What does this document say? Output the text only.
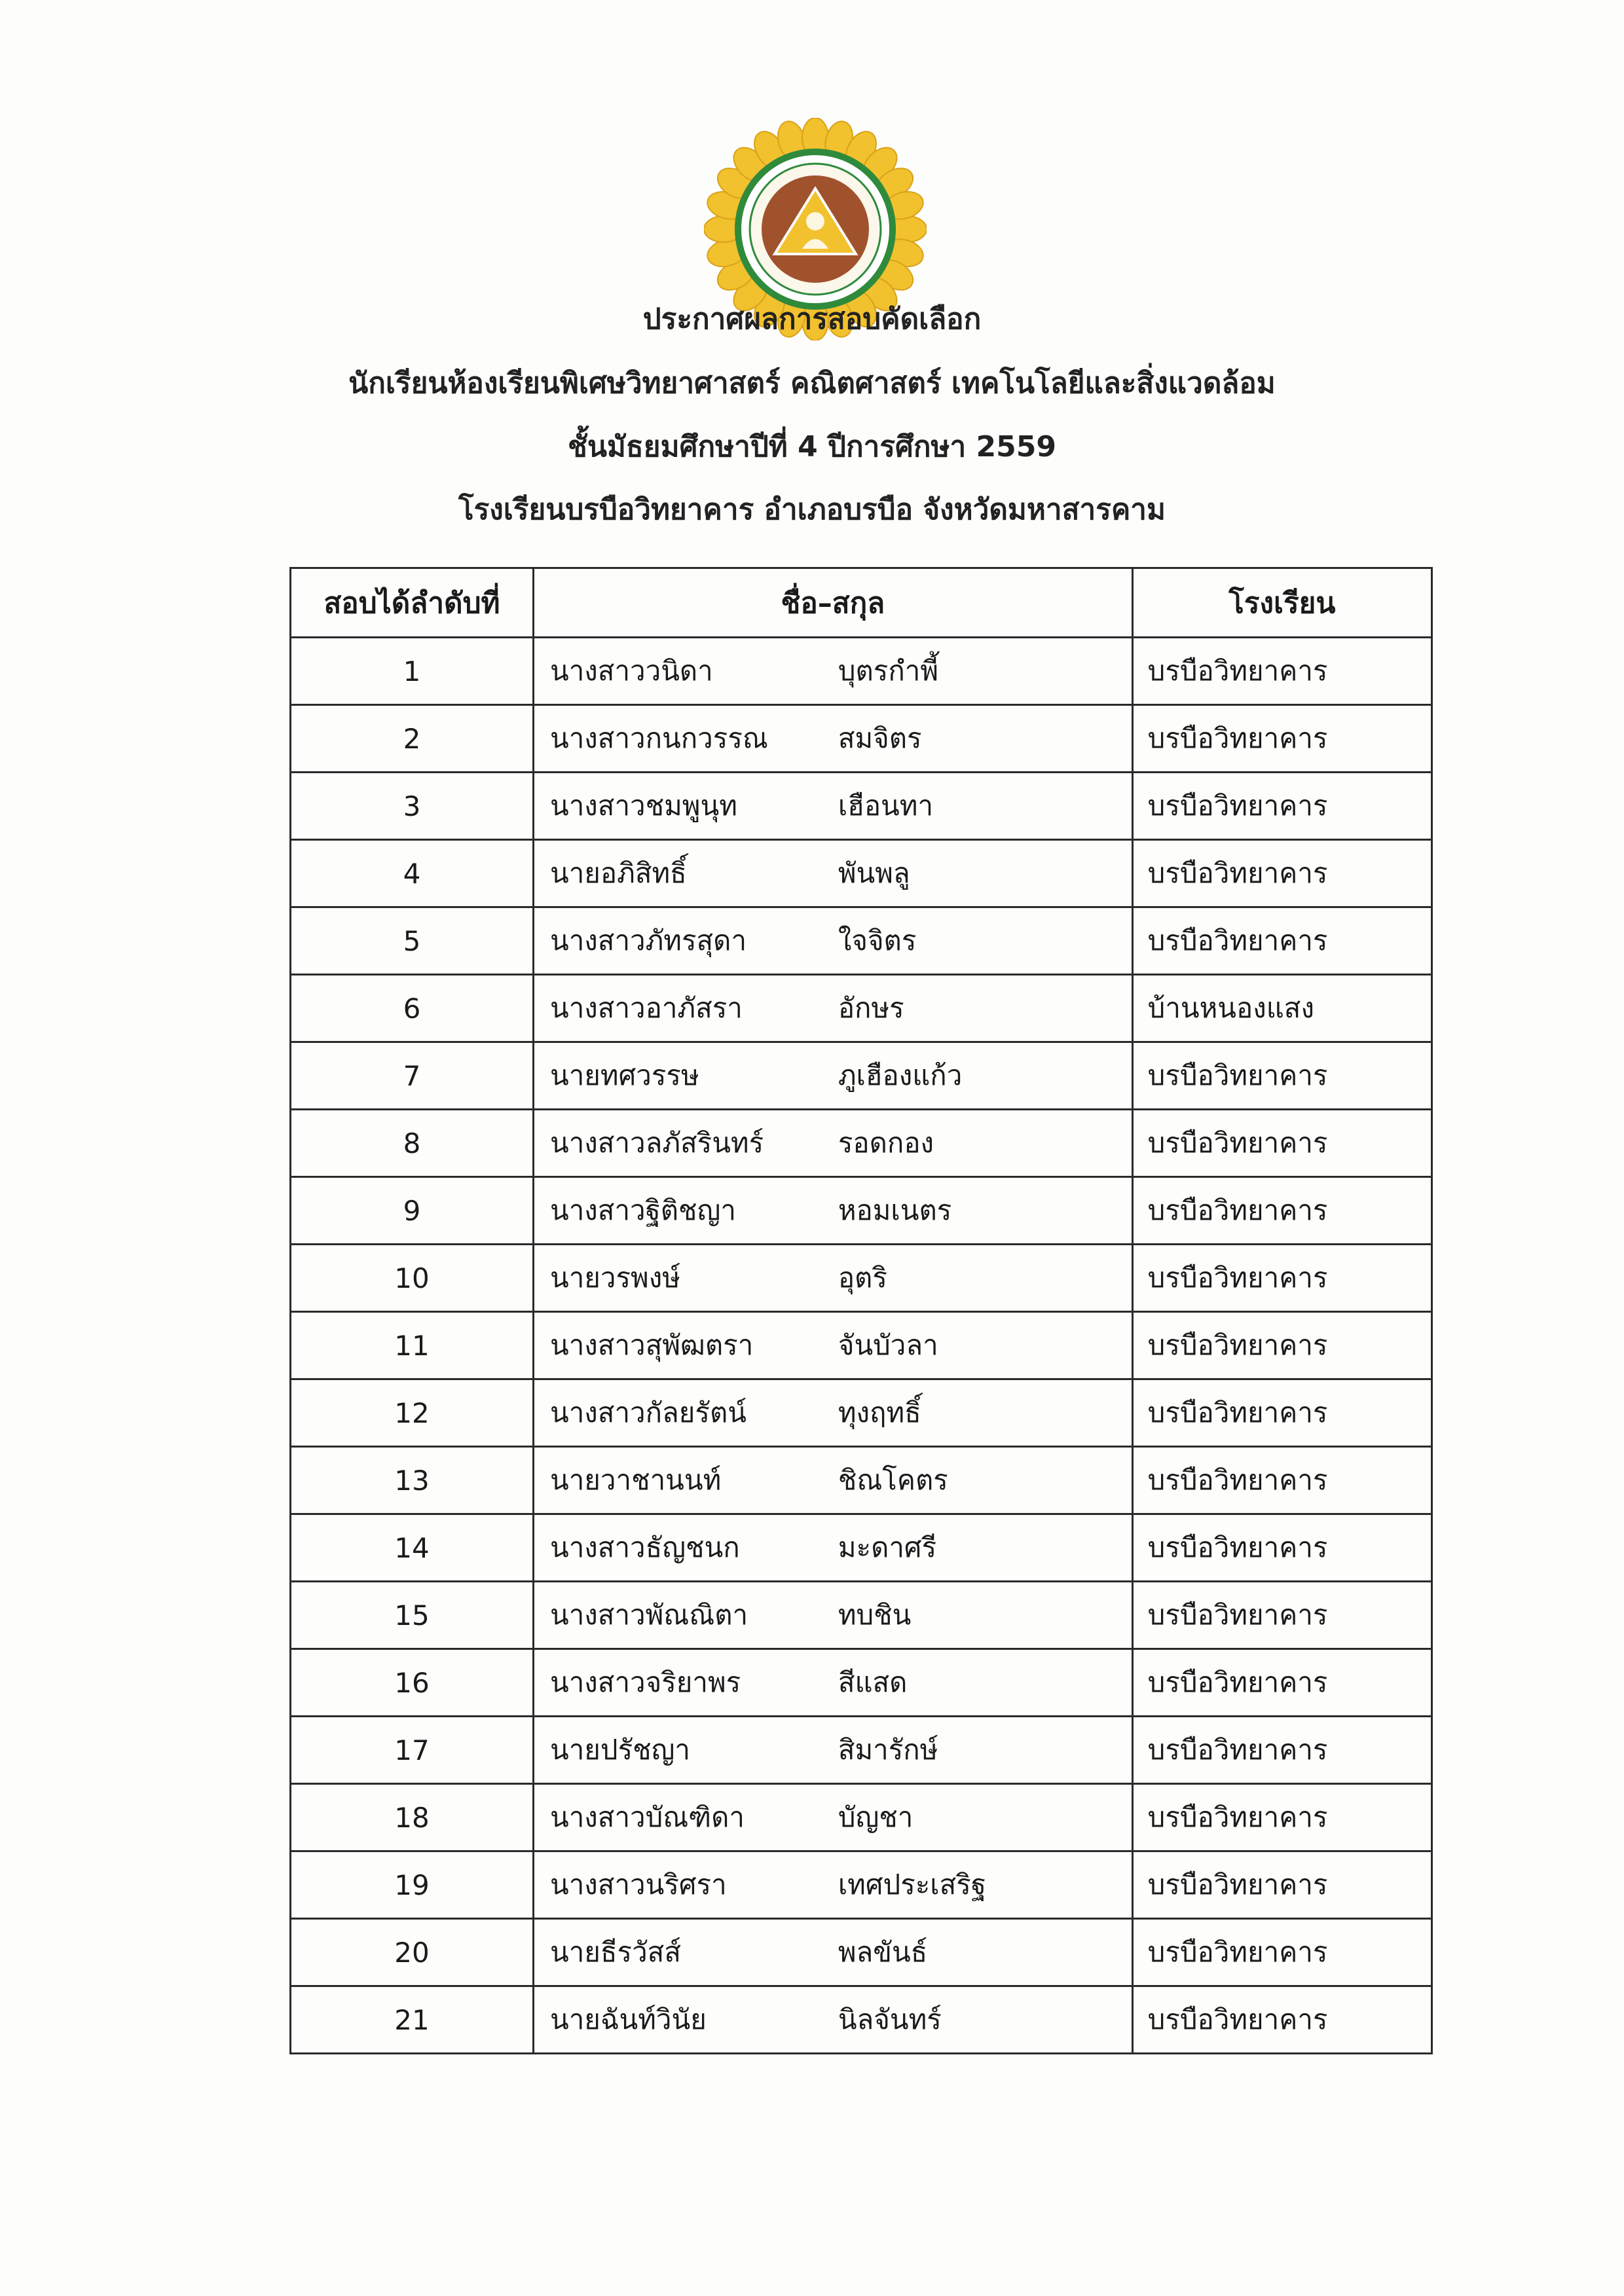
ประกาศผลการสอบคัดเลือก
นักเรียนห้องเรียนพิเศษวิทยาศาสตร์ คณิตศาสตร์ เทคโนโลยีและสิ่งแวดล้อม
ชั้นมัธยมศึกษาปีที่ 4 ปีการศึกษา 2559
โรงเรียนบรบือวิทยาคาร อำเภอบรบือ จังหวัดมหาสารคาม
สอบได้ลำดับที่	ชื่อ–สกุล		โรงเรียน
1	นางสาววนิดา	บุตรกำพี้	บรบือวิทยาคาร
2	นางสาวกนกวรรณ	สมจิตร	บรบือวิทยาคาร
3	นางสาวชมพูนุท	เฮือนทา	บรบือวิทยาคาร
4	นายอภิสิทธิ์	พันพลู	บรบือวิทยาคาร
5	นางสาวภัทรสุดา	ใจจิตร	บรบือวิทยาคาร
6	นางสาวอาภัสรา	อักษร	บ้านหนองแสง
7	นายทศวรรษ	ภูเฮืองแก้ว	บรบือวิทยาคาร
8	นางสาวลภัสรินทร์	รอดกอง	บรบือวิทยาคาร
9	นางสาวฐิติชญา	หอมเนตร	บรบือวิทยาคาร
10	นายวรพงษ์	อุตริ	บรบือวิทยาคาร
11	นางสาวสุพัฒตรา	จันบัวลา	บรบือวิทยาคาร
12	นางสาวกัลยรัตน์	ทุงฤทธิ์	บรบือวิทยาคาร
13	นายวาชานนท์	ชิณโคตร	บรบือวิทยาคาร
14	นางสาวธัญชนก	มะดาศรี	บรบือวิทยาคาร
15	นางสาวพัณณิตา	ทบชิน	บรบือวิทยาคาร
16	นางสาวจริยาพร	สีแสด	บรบือวิทยาคาร
17	นายปรัชญา	สิมารักษ์	บรบือวิทยาคาร
18	นางสาวบัณฑิดา	บัญชา	บรบือวิทยาคาร
19	นางสาวนริศรา	เทศประเสริฐ	บรบือวิทยาคาร
20	นายธีรวัสส์	พลขันธ์	บรบือวิทยาคาร
21	นายฉันท์วินัย	นิลจันทร์	บรบือวิทยาคาร
